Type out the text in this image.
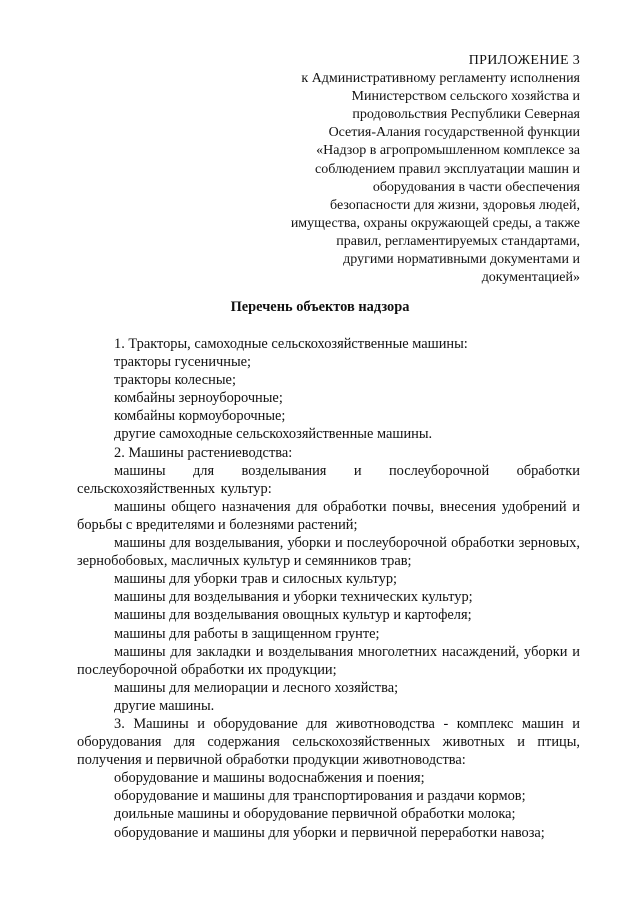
ПРИЛОЖЕНИЕ 3
к Административному регламенту исполнения
Министерством сельского хозяйства и
продовольствия Республики Северная
Осетия-Алания государственной функции
«Надзор в агропромышленном комплексе за
соблюдением правил эксплуатации машин и
оборудования в части обеспечения
безопасности для жизни, здоровья людей,
имущества, охраны окружающей среды, а также
правил, регламентируемых стандартами,
другими нормативными документами и
документацией»
Перечень объектов надзора

1. Тракторы, самоходные сельскохозяйственные машины:

тракторы гусеничные;

тракторы колесные;

комбайны зерноуборочные;

комбайны кормоуборочные;

другие самоходные сельскохозяйственные машины.

2. Машины растениеводства:

машины для возделывания и послеуборочной обработки сельскохозяйственных культур:

машины общего назначения для обработки почвы, внесения удобрений и борьбы с вредителями и болезнями растений;

машины для возделывания, уборки и послеуборочной обработки зерновых, зернобобовых, масличных культур и семянников трав;

машины для уборки трав и силосных культур;

машины для возделывания и уборки технических культур;

машины для возделывания овощных культур и картофеля;

машины для работы в защищенном грунте;

машины для закладки и возделывания многолетних насаждений, уборки и послеуборочной обработки их продукции;

машины для мелиорации и лесного хозяйства;

другие машины.

3. Машины и оборудование для животноводства - комплекс машин и оборудования для содержания сельскохозяйственных животных и птицы, получения и первичной обработки продукции животноводства:

оборудование и машины водоснабжения и поения;

оборудование и машины для транспортирования и раздачи кормов;

доильные машины и оборудование первичной обработки молока;

оборудование и машины для уборки и первичной переработки навоза;
